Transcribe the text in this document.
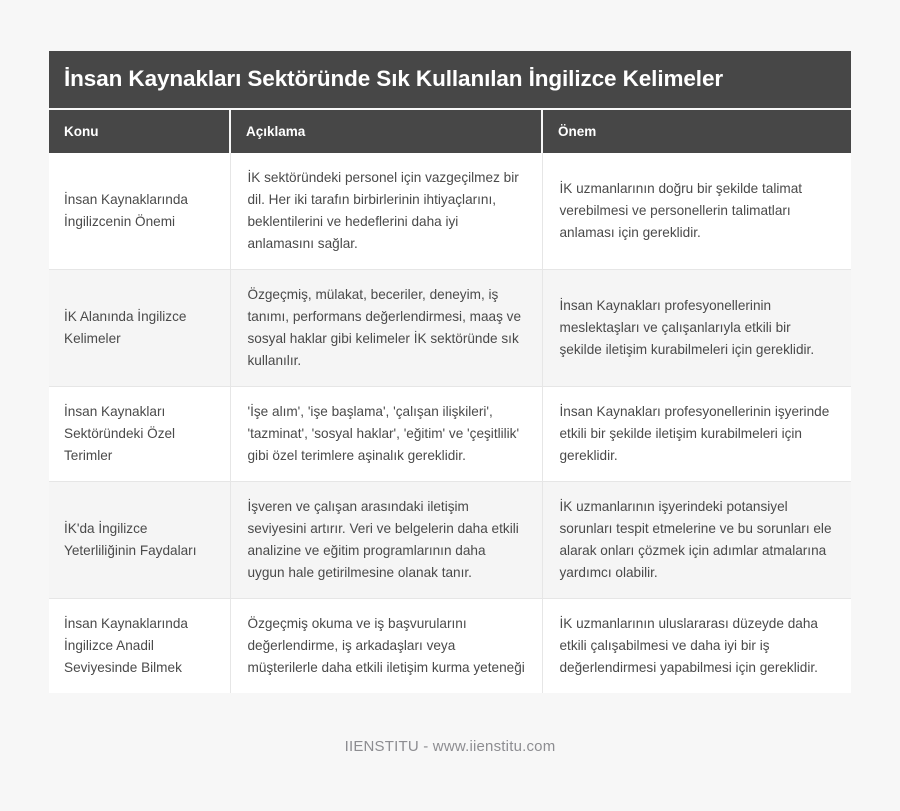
İnsan Kaynakları Sektöründe Sık Kullanılan İngilizce Kelimeler
Konu	Açıklama	Önem
İnsan Kaynaklarında İngilizcenin Önemi	İK sektöründeki personel için vazgeçilmez bir dil. Her iki tarafın birbirlerinin ihtiyaçlarını, beklentilerini ve hedeflerini daha iyi anlamasını sağlar.	İK uzmanlarının doğru bir şekilde talimat verebilmesi ve personellerin talimatları anlaması için gereklidir.
İK Alanında İngilizce Kelimeler	Özgeçmiş, mülakat, beceriler, deneyim, iş tanımı, performans değerlendirmesi, maaş ve sosyal haklar gibi kelimeler İK sektöründe sık kullanılır.	İnsan Kaynakları profesyonellerinin meslektaşları ve çalışanlarıyla etkili bir şekilde iletişim kurabilmeleri için gereklidir.
İnsan Kaynakları Sektöründeki Özel Terimler	'İşe alım', 'işe başlama', 'çalışan ilişkileri', 'tazminat', 'sosyal haklar', 'eğitim' ve 'çeşitlilik' gibi özel terimlere aşinalık gereklidir.	İnsan Kaynakları profesyonellerinin işyerinde etkili bir şekilde iletişim kurabilmeleri için gereklidir.
İK'da İngilizce Yeterliliğinin Faydaları	İşveren ve çalışan arasındaki iletişim seviyesini artırır. Veri ve belgelerin daha etkili analizine ve eğitim programlarının daha uygun hale getirilmesine olanak tanır.	İK uzmanlarının işyerindeki potansiyel sorunları tespit etmelerine ve bu sorunları ele alarak onları çözmek için adımlar atmalarına yardımcı olabilir.
İnsan Kaynaklarında İngilizce Anadil Seviyesinde Bilmek	Özgeçmiş okuma ve iş başvurularını değerlendirme, iş arkadaşları veya müşterilerle daha etkili iletişim kurma yeteneği	İK uzmanlarının uluslararası düzeyde daha etkili çalışabilmesi ve daha iyi bir iş değerlendirmesi yapabilmesi için gereklidir.
IIENSTITU - www.iienstitu.com
